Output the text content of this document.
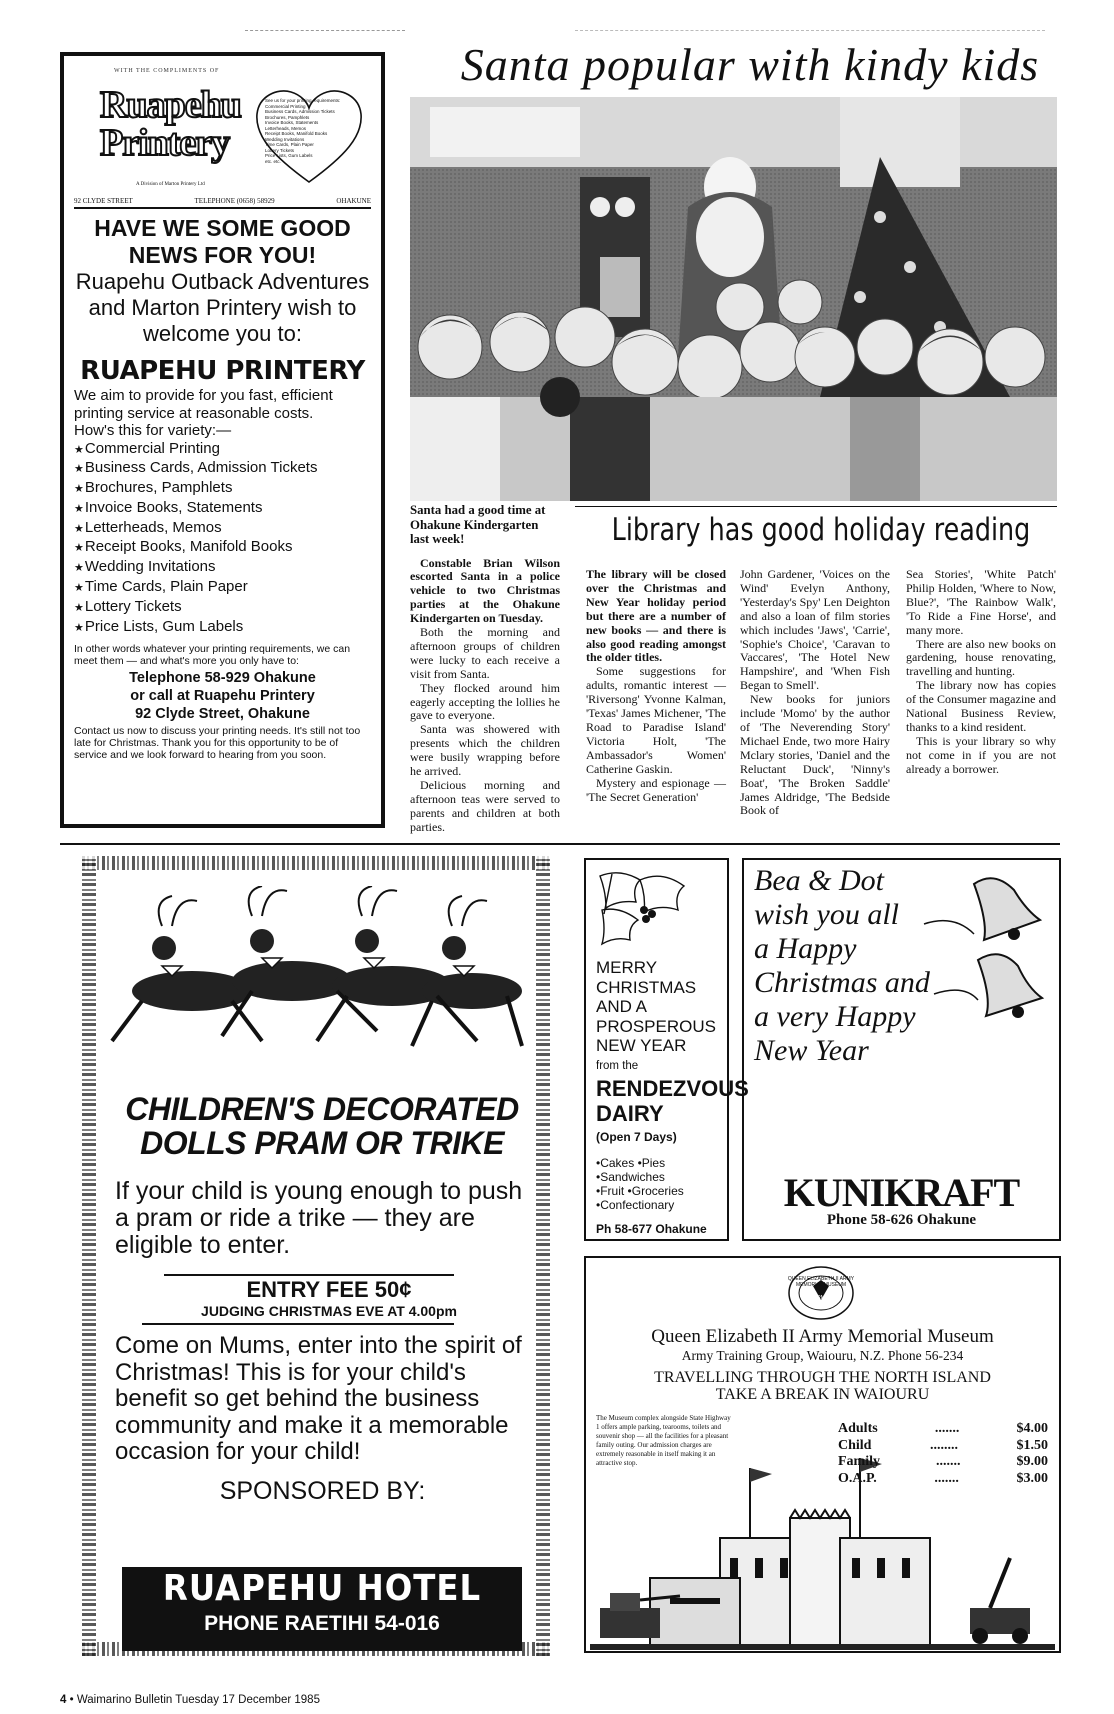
WITH THE COMPLIMENTS OF
Ruapehu
Printery
See us for your printing requirements:
Commercial Printing
Business Cards, Admission Tickets
Brochures, Pamphlets
Invoice Books, Statements
Letterheads, Memos
Receipt Books, Manifold Books
Wedding Invitations
Time Cards, Plain Paper
Lottery Tickets
Price Lists, Gum Labels
etc. etc.
A Division of Marton Printery Ltd
92 CLYDE STREET	TELEPHONE (0658) 58929	OHAKUNE
HAVE WE SOME GOOD NEWS FOR YOU!
Ruapehu Outback Adventures and Marton Printery wish to welcome you to:
RUAPEHU PRINTERY
We aim to provide for you fast, efficient printing service at reasonable costs.
How's this for variety:—
★ Commercial Printing
★ Business Cards, Admission Tickets
★ Brochures, Pamphlets
★ Invoice Books, Statements
★ Letterheads, Memos
★ Receipt Books, Manifold Books
★ Wedding Invitations
★ Time Cards, Plain Paper
★ Lottery Tickets
★ Price Lists, Gum Labels
In other words whatever your printing requirements, we can meet them — and what's more you only have to:
Telephone 58-929 Ohakune
or call at Ruapehu Printery
92 Clyde Street, Ohakune
Contact us now to discuss your printing needs. It's still not too late for Christmas. Thank you for this opportunity to be of service and we look forward to hearing from you soon.
Santa popular with kindy kids

Santa had a good time at Ohakune Kindergarten last week!

Constable Brian Wilson escorted Santa in a police vehicle to two Christmas parties at the Ohakune Kindergarten on Tuesday.

Both the morning and afternoon groups of children were lucky to each receive a visit from Santa.

They flocked around him eagerly accepting the lollies he gave to everyone.

Santa was showered with presents which the children were busily wrapping before he arrived.

Delicious morning and afternoon teas were served to parents and children at both parties.

Library has good holiday reading

The library will be closed over the Christmas and New Year holiday period but there are a number of new books — and there is also good reading amongst the older titles.

Some suggestions for adults, romantic interest — 'Riversong' Yvonne Kalman, 'Texas' James Michener, 'The Road to Paradise Island' Victoria Holt, 'The Ambassador's Women' Catherine Gaskin.

Mystery and espionage — 'The Secret Generation'

John Gardener, 'Voices on the Wind' Evelyn Anthony, 'Yesterday's Spy' Len Deighton and also a loan of film stories which includes 'Jaws', 'Carrie', 'Sophie's Choice', 'Caravan to Vaccares', 'The Hotel New Hampshire', and 'When Fish Began to Smell'.

New books for juniors include 'Momo' by the author of 'The Neverending Story' Michael Ende, two more Hairy Mclary stories, 'Daniel and the Reluctant Duck', 'Ninny's Boat', 'The Broken Saddle' James Aldridge, 'The Bedside Book of

Sea Stories', 'White Patch' Philip Holden, 'Where to Now, Blue?', 'The Rainbow Walk', 'To Ride a Fine Horse', and many more.

There are also new books on gardening, house renovating, travelling and hunting.

The library now has copies of the Consumer magazine and National Business Review, thanks to a kind resident.

This is your library so why not come in if you are not already a borrower.

CHILDREN'S DECORATED
DOLLS PRAM OR TRIKE
If your child is young enough to push a pram or ride a trike — they are eligible to enter.
ENTRY FEE 50¢
JUDGING CHRISTMAS EVE AT 4.00pm
Come on Mums, enter into the spirit of Christmas! This is for your child's benefit so get behind the business community and make it a memorable occasion for your child!
SPONSORED BY:
RUAPEHU HOTEL
PHONE RAETIHI 54-016
MERRY CHRISTMAS AND A PROSPEROUS NEW YEAR
from the
RENDEZVOUS DAIRY
(Open 7 Days)
•Cakes •Pies
•Sandwiches
•Fruit •Groceries
•Confectionary
Ph 58-677 Ohakune
Bea & Dot
wish you all
a Happy
Christmas and
a very Happy
New Year
KUNIKRAFT
Phone 58-626 Ohakune
QUEEN ELIZABETH II ARMY MEMORIAL MUSEUM
ARMY
Queen Elizabeth II Army Memorial Museum
Army Training Group, Waiouru, N.Z. Phone 56-234
TRAVELLING THROUGH THE NORTH ISLAND
TAKE A BREAK IN WAIOURU
The Museum complex alongside State Highway 1 offers ample parking, tearooms, toilets and souvenir shop — all the facilities for a pleasant family outing. Our admission charges are extremely reasonable in itself making it an attractive stop.
Adults	.......	$4.00
Child	........	$1.50
Family	.......	$9.00
O.A.P.	.......	$3.00
4 • Waimarino Bulletin Tuesday 17 December 1985
